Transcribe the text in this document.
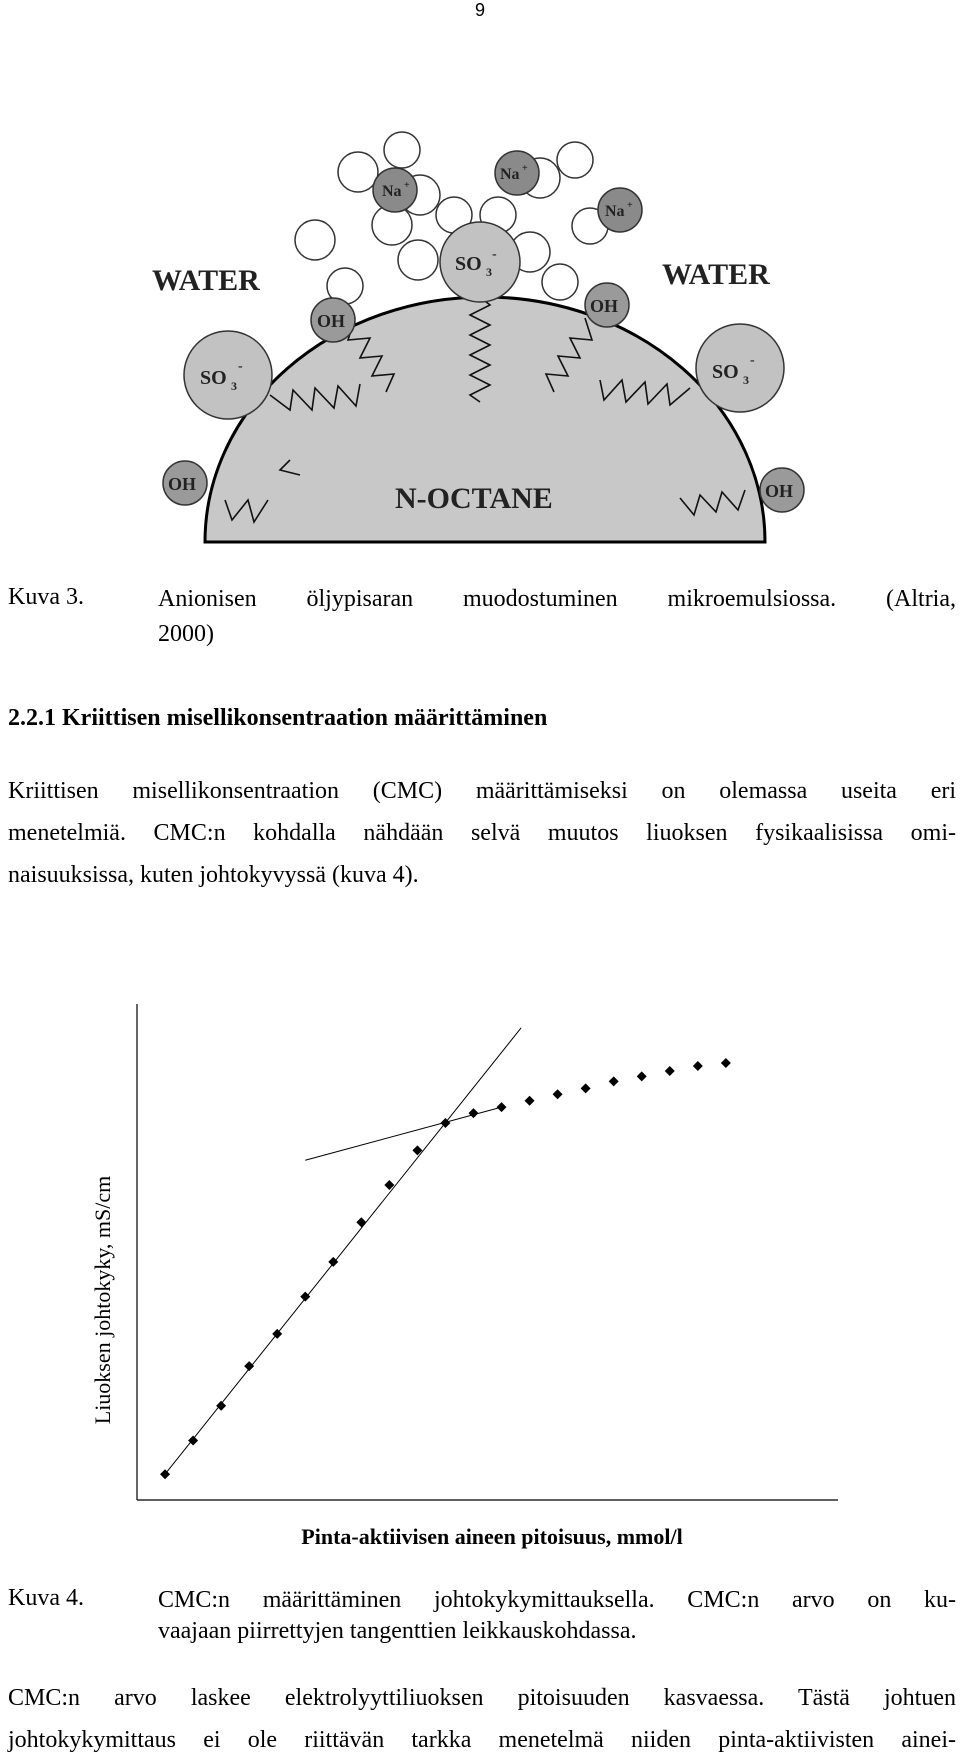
9
WATER	WATER
N-OCTANE
Na +
Na +
Na +
SO 3
-
SO 3
-	SO 3
-
OH
OH
OH	OH
Kuva 3.	Anionisen öljypisaran muodostuminen mikroemulsiossa. (Altria,
2000)
2.2.1 Kriittisen misellikonsentraation määrittäminen
Kriittisen misellikonsentraation (CMC) määrittämiseksi on olemassa useita eri
menetelmiä. CMC:n kohdalla nähdään selvä muutos liuoksen fysikaalisissa omi-
naisuuksissa, kuten johtokyvyssä (kuva 4).
Pinta-aktiivisen aineen pitoisuus, mmol/l
Liuoksen johtokyky, mS/cm
Kuva 4.	CMC:n määrittäminen johtokykymittauksella. CMC:n arvo on ku-
vaajaan piirrettyjen tangenttien leikkauskohdassa.
CMC:n arvo laskee elektrolyyttiliuoksen pitoisuuden kasvaessa. Tästä johtuen
johtokykymittaus ei ole riittävän tarkka menetelmä niiden pinta-aktiivisten ainei-
